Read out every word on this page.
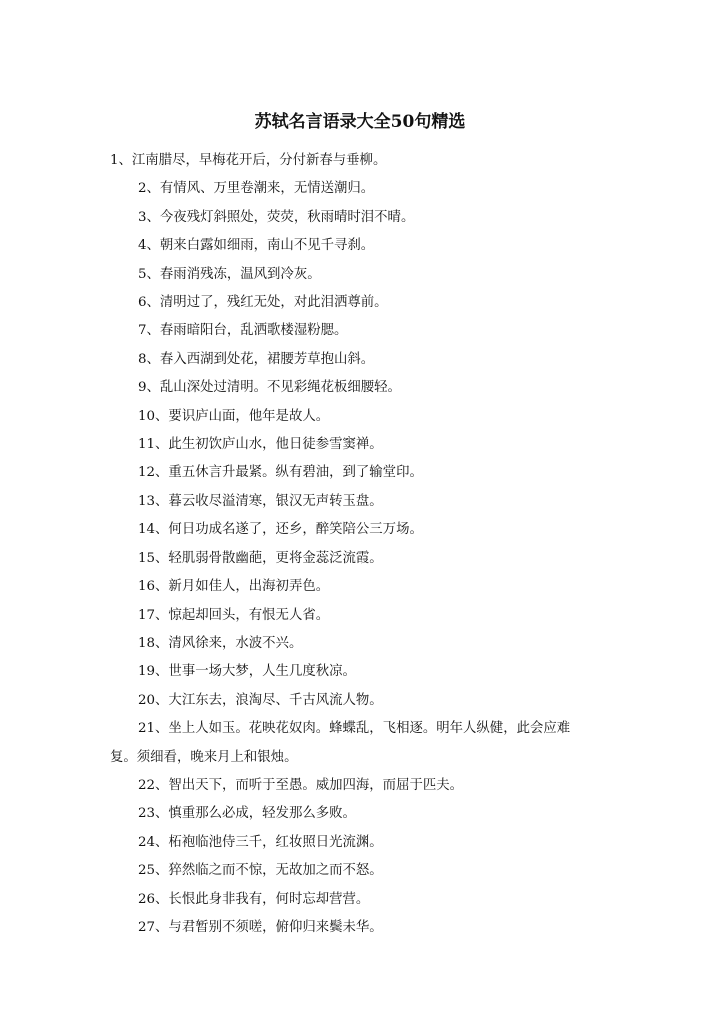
苏轼名言语录大全50句精选
1、江南腊尽，早梅花开后，分付新春与垂柳。
2、有情风、万里卷潮来，无情送潮归。
3、今夜残灯斜照处，荧荧，秋雨晴时泪不晴。
4、朝来白露如细雨，南山不见千寻刹。
5、春雨消残冻，温风到冷灰。
6、清明过了，残红无处，对此泪洒尊前。
7、春雨暗阳台，乱洒歌楼湿粉腮。
8、春入西湖到处花，裙腰芳草抱山斜。
9、乱山深处过清明。不见彩绳花板细腰轻。
10、要识庐山面，他年是故人。
11、此生初饮庐山水，他日徒参雪窦禅。
12、重五休言升最紧。纵有碧油，到了输堂印。
13、暮云收尽溢清寒，银汉无声转玉盘。
14、何日功成名遂了，还乡，醉笑陪公三万场。
15、轻肌弱骨散幽葩，更将金蕊泛流霞。
16、新月如佳人，出海初弄色。
17、惊起却回头，有恨无人省。
18、清风徐来，水波不兴。
19、世事一场大梦，人生几度秋凉。
20、大江东去，浪淘尽、千古风流人物。
21、坐上人如玉。花映花奴肉。蜂蝶乱，飞相逐。明年人纵健，此会应难
复。须细看，晚来月上和银烛。
22、智出天下，而听于至愚。威加四海，而屈于匹夫。
23、慎重那么必成，轻发那么多败。
24、柘袍临池侍三千，红妆照日光流渊。
25、猝然临之而不惊，无故加之而不怒。
26、长恨此身非我有，何时忘却营营。
27、与君暂别不须嗟，俯仰归来鬓未华。
